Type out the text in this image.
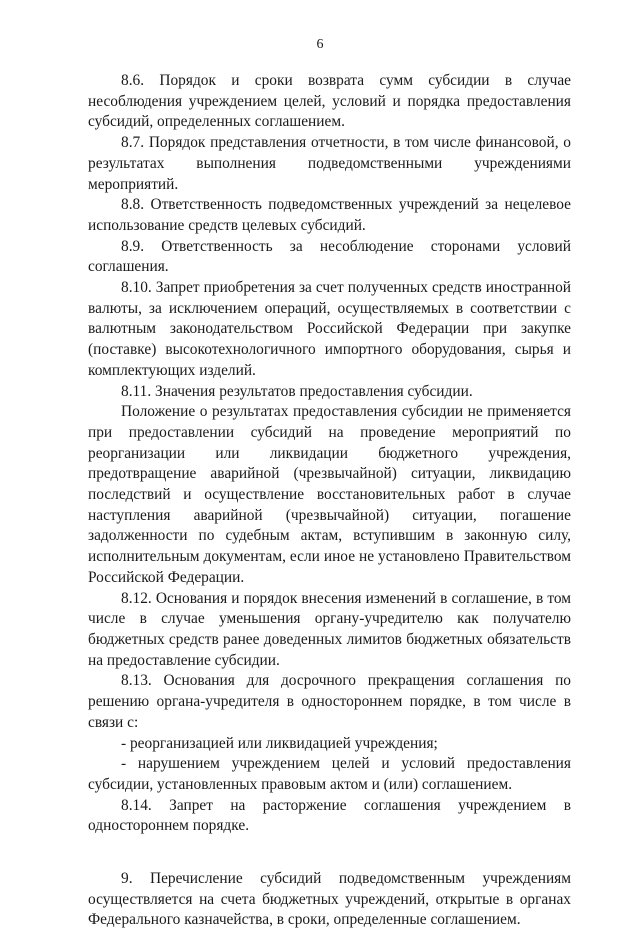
6

8.6. Порядок и сроки возврата сумм субсидии в случае несоблюдения учреждением целей, условий и порядка предоставления субсидий, определенных соглашением.

8.7. Порядок представления отчетности, в том числе финансовой, о результатах выполнения подведомственными учреждениями мероприятий.

8.8. Ответственность подведомственных учреждений за нецелевое использование средств целевых субсидий.

8.9. Ответственность за несоблюдение сторонами условий соглашения.

8.10. Запрет приобретения за счет полученных средств иностранной валюты, за исключением операций, осуществляемых в соответствии с валютным законодательством Российской Федерации при закупке (поставке) высокотехнологичного импортного оборудования, сырья и комплектующих изделий.

8.11. Значения результатов предоставления субсидии.

Положение о результатах предоставления субсидии не применяется при предоставлении субсидий на проведение мероприятий по реорганизации или ликвидации бюджетного учреждения, предотвращение аварийной (чрезвычайной) ситуации, ликвидацию последствий и осуществление восстановительных работ в случае наступления аварийной (чрезвычайной) ситуации, погашение задолженности по судебным актам, вступившим в законную силу, исполнительным документам, если иное не установлено Правительством Российской Федерации.

8.12. Основания и порядок внесения изменений в соглашение, в том числе в случае уменьшения органу-учредителю как получателю бюджетных средств ранее доведенных лимитов бюджетных обязательств на предоставление субсидии.

8.13. Основания для досрочного прекращения соглашения по решению органа-учредителя в одностороннем порядке, в том числе в связи с:

- реорганизацией или ликвидацией учреждения;

- нарушением учреждением целей и условий предоставления субсидии, установленных правовым актом и (или) соглашением.

8.14. Запрет на расторжение соглашения учреждением в одностороннем порядке.

9. Перечисление субсидий подведомственным учреждениям осуществляется на счета бюджетных учреждений, открытые в органах Федерального казначейства, в сроки, определенные соглашением.
